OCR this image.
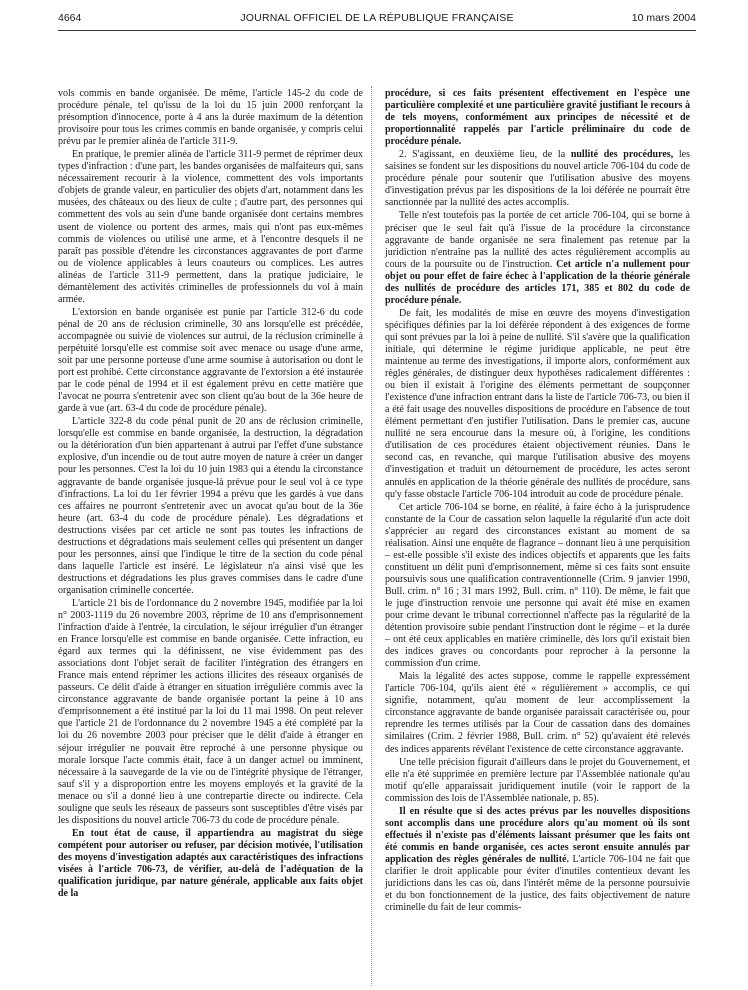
4664	JOURNAL OFFICIEL DE LA RÉPUBLIQUE FRANÇAISE	10 mars 2004

vols commis en bande organisée. De même, l'article 145-2 du code de procédure pénale, tel qu'issu de la loi du 15 juin 2000 renforçant la présomption d'innocence, porte à 4 ans la durée maximum de la détention provisoire pour tous les crimes commis en bande organisée, y compris celui prévu par le premier alinéa de l'article 311-9.

En pratique, le premier alinéa de l'article 311-9 permet de réprimer deux types d'infraction : d'une part, les bandes organisées de malfaiteurs qui, sans nécessairement recourir à la violence, commettent des vols importants d'objets de grande valeur, en particulier des objets d'art, notamment dans les musées, des châteaux ou des lieux de culte ; d'autre part, des personnes qui commettent des vols au sein d'une bande organisée dont certains membres usent de violence ou portent des armes, mais qui n'ont pas eux-mêmes commis de violences ou utilisé une arme, et à l'encontre desquels il ne paraît pas possible d'étendre les circonstances aggravantes de port d'arme ou de violence applicables à leurs coauteurs ou complices. Les autres alinéas de l'article 311-9 permettent, dans la pratique judiciaire, le démantèlement des activités criminelles de professionnels du vol à main armée.

L'extorsion en bande organisée est punie par l'article 312-6 du code pénal de 20 ans de réclusion criminelle, 30 ans lorsqu'elle est précédée, accompagnée ou suivie de violences sur autrui, de la réclusion criminelle à perpétuité lorsqu'elle est commise soit avec menace ou usage d'une arme, soit par une personne porteuse d'une arme soumise à autorisation ou dont le port est prohibé. Cette circonstance aggravante de l'extorsion a été instaurée par le code pénal de 1994 et il est également prévu en cette matière que l'avocat ne pourra s'entretenir avec son client qu'au bout de la 36e heure de garde à vue (art. 63-4 du code de procédure pénale).

L'article 322-8 du code pénal punit de 20 ans de réclusion criminelle, lorsqu'elle est commise en bande organisée, la destruction, la dégradation ou la détérioration d'un bien appartenant à autrui par l'effet d'une substance explosive, d'un incendie ou de tout autre moyen de nature à créer un danger pour les personnes. C'est la loi du 10 juin 1983 qui a étendu la circonstance aggravante de bande organisée jusque-là prévue pour le seul vol à ce type d'infractions. La loi du 1er février 1994 a prévu que les gardés à vue dans ces affaires ne pourront s'entretenir avec un avocat qu'au bout de la 36e heure (art. 63-4 du code de procédure pénale). Les dégradations et destructions visées par cet article ne sont pas toutes les infractions de destructions et dégradations mais seulement celles qui présentent un danger pour les personnes, ainsi que l'indique le titre de la section du code pénal dans laquelle l'article est inséré. Le législateur n'a ainsi visé que les destructions et dégradations les plus graves commises dans le cadre d'une organisation criminelle concertée.

L'article 21 bis de l'ordonnance du 2 novembre 1945, modifiée par la loi n° 2003-1119 du 26 novembre 2003, réprime de 10 ans d'emprisonnement l'infraction d'aide à l'entrée, la circulation, le séjour irrégulier d'un étranger en France lorsqu'elle est commise en bande organisée. Cette infraction, eu égard aux termes qui la définissent, ne vise évidemment pas des associations dont l'objet serait de faciliter l'intégration des étrangers en France mais entend réprimer les actions illicites des réseaux organisés de passeurs. Ce délit d'aide à étranger en situation irrégulière commis avec la circonstance aggravante de bande organisée portant la peine à 10 ans d'emprisonnement a été institué par la loi du 11 mai 1998. On peut relever que l'article 21 de l'ordonnance du 2 novembre 1945 a été complété par la loi du 26 novembre 2003 pour préciser que le délit d'aide à étranger en séjour irrégulier ne pouvait être reproché à une personne physique ou morale lorsque l'acte commis était, face à un danger actuel ou imminent, nécessaire à la sauvegarde de la vie ou de l'intégrité physique de l'étranger, sauf s'il y a disproportion entre les moyens employés et la gravité de la menace ou s'il a donné lieu à une contrepartie directe ou indirecte. Cela souligne que seuls les réseaux de passeurs sont susceptibles d'être visés par les dispositions du nouvel article 706-73 du code de procédure pénale.

En tout état de cause, il appartiendra au magistrat du siège compétent pour autoriser ou refuser, par décision motivée, l'utilisation des moyens d'investigation adaptés aux caractéristiques des infractions visées à l'article 706-73, de vérifier, au-delà de l'adéquation de la qualification juridique, par nature générale, applicable aux faits objet de la

procédure, si ces faits présentent effectivement en l'espèce une particulière complexité et une particulière gravité justifiant le recours à de tels moyens, conformément aux principes de nécessité et de proportionnalité rappelés par l'article préliminaire du code de procédure pénale.

2. S'agissant, en deuxième lieu, de la nullité des procédures, les saisines se fondent sur les dispositions du nouvel article 706-104 du code de procédure pénale pour soutenir que l'utilisation abusive des moyens d'investigation prévus par les dispositions de la loi déférée ne pourrait être sanctionnée par la nullité des actes accomplis.

Telle n'est toutefois pas la portée de cet article 706-104, qui se borne à préciser que le seul fait qu'à l'issue de la procédure la circonstance aggravante de bande organisée ne sera finalement pas retenue par la juridiction n'entraîne pas la nullité des actes régulièrement accomplis au cours de la poursuite ou de l'instruction. Cet article n'a nullement pour objet ou pour effet de faire échec à l'application de la théorie générale des nullités de procédure des articles 171, 385 et 802 du code de procédure pénale.

De fait, les modalités de mise en œuvre des moyens d'investigation spécifiques définies par la loi déférée répondent à des exigences de forme qui sont prévues par la loi à peine de nullité. S'il s'avère que la qualification initiale, qui détermine le régime juridique applicable, ne peut être maintenue au terme des investigations, il importe alors, conformément aux règles générales, de distinguer deux hypothèses radicalement différentes : ou bien il existait à l'origine des éléments permettant de soupçonner l'existence d'une infraction entrant dans la liste de l'article 706-73, ou bien il a été fait usage des nouvelles dispositions de procédure en l'absence de tout élément permettant d'en justifier l'utilisation. Dans le premier cas, aucune nullité ne sera encourue dans la mesure où, à l'origine, les conditions d'utilisation de ces procédures étaient objectivement réunies. Dans le second cas, en revanche, qui marque l'utilisation abusive des moyens d'investigation et traduit un détournement de procédure, les actes seront annulés en application de la théorie générale des nullités de procédure, sans qu'y fasse obstacle l'article 706-104 introduit au code de procédure pénale.

Cet article 706-104 se borne, en réalité, à faire écho à la jurisprudence constante de la Cour de cassation selon laquelle la régularité d'un acte doit s'apprécier au regard des circonstances existant au moment de sa réalisation. Ainsi une enquête de flagrance – donnant lieu à une perquisition – est-elle possible s'il existe des indices objectifs et apparents que les faits constituent un délit puni d'emprisonnement, même si ces faits sont ensuite poursuivis sous une qualification contraventionnelle (Crim. 9 janvier 1990, Bull. crim. n° 16 ; 31 mars 1992, Bull. crim. n° 110). De même, le fait que le juge d'instruction renvoie une personne qui avait été mise en examen pour crime devant le tribunal correctionnel n'affecte pas la régularité de la détention provisoire subie pendant l'instruction dont le régime – et la durée – ont été ceux applicables en matière criminelle, dès lors qu'il existait bien des indices graves ou concordants pour reprocher à la personne la commission d'un crime.

Mais la légalité des actes suppose, comme le rappelle expressément l'article 706-104, qu'ils aient été « régulièrement » accomplis, ce qui signifie, notamment, qu'au moment de leur accomplissement la circonstance aggravante de bande organisée paraissait caractérisée ou, pour reprendre les termes utilisés par la Cour de cassation dans des domaines similaires (Crim. 2 février 1988, Bull. crim. n° 52) qu'avaient été relevés des indices apparents révélant l'existence de cette circonstance aggravante.

Une telle précision figurait d'ailleurs dans le projet du Gouvernement, et elle n'a été supprimée en première lecture par l'Assemblée nationale qu'au motif qu'elle apparaissait juridiquement inutile (voir le rapport de la commission des lois de l'Assemblée nationale, p. 85).

Il en résulte que si des actes prévus par les nouvelles dispositions sont accomplis dans une procédure alors qu'au moment où ils sont effectués il n'existe pas d'éléments laissant présumer que les faits ont été commis en bande organisée, ces actes seront ensuite annulés par application des règles générales de nullité. L'article 706-104 ne fait que clarifier le droit applicable pour éviter d'inutiles contentieux devant les juridictions dans les cas où, dans l'intérêt même de la personne poursuivie et du bon fonctionnement de la justice, des faits objectivement de nature criminelle du fait de leur commis-
